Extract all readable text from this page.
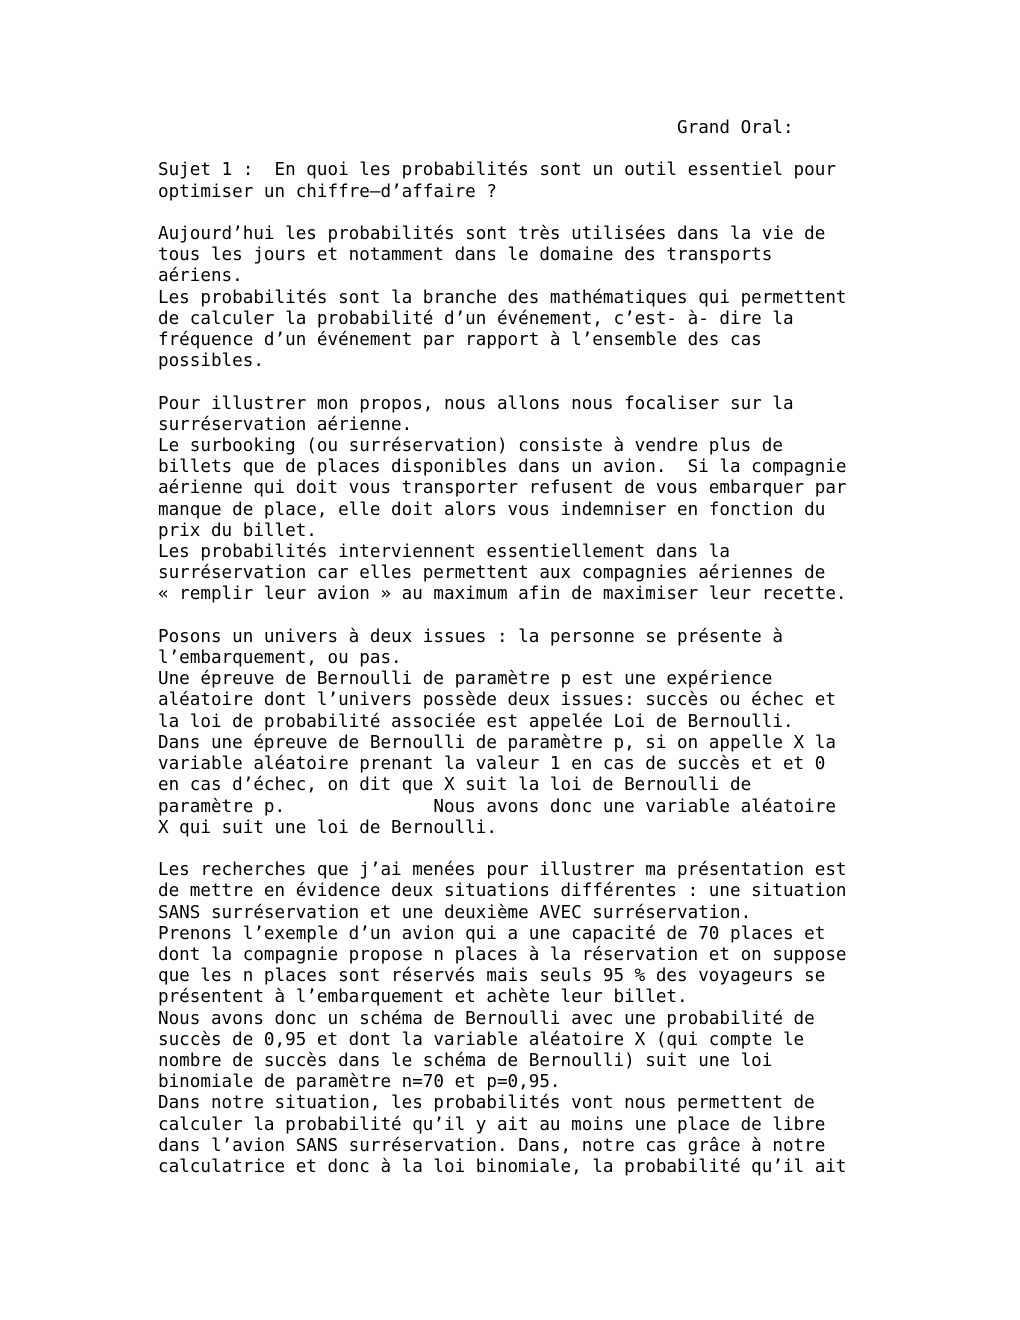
Grand Oral:

Sujet 1 :  En quoi les probabilités sont un outil essentiel pour
optimiser un chiffre—d’affaire ?

Aujourd’hui les probabilités sont très utilisées dans la vie de
tous les jours et notamment dans le domaine des transports
aériens.
Les probabilités sont la branche des mathématiques qui permettent
de calculer la probabilité d’un événement, c’est- à- dire la
fréquence d’un événement par rapport à l’ensemble des cas
possibles.

Pour illustrer mon propos, nous allons nous focaliser sur la
surréservation aérienne.
Le surbooking (ou surréservation) consiste à vendre plus de
billets que de places disponibles dans un avion.  Si la compagnie
aérienne qui doit vous transporter refusent de vous embarquer par
manque de place, elle doit alors vous indemniser en fonction du
prix du billet.
Les probabilités interviennent essentiellement dans la
surréservation car elles permettent aux compagnies aériennes de
« remplir leur avion » au maximum afin de maximiser leur recette.

Posons un univers à deux issues : la personne se présente à
l’embarquement, ou pas.
Une épreuve de Bernoulli de paramètre p est une expérience
aléatoire dont l’univers possède deux issues: succès ou échec et
la loi de probabilité associée est appelée Loi de Bernoulli.
Dans une épreuve de Bernoulli de paramètre p, si on appelle X la
variable aléatoire prenant la valeur 1 en cas de succès et et 0
en cas d’échec, on dit que X suit la loi de Bernoulli de
paramètre p.              Nous avons donc une variable aléatoire
X qui suit une loi de Bernoulli.

Les recherches que j’ai menées pour illustrer ma présentation est
de mettre en évidence deux situations différentes : une situation
SANS surréservation et une deuxième AVEC surréservation.
Prenons l’exemple d’un avion qui a une capacité de 70 places et
dont la compagnie propose n places à la réservation et on suppose
que les n places sont réservés mais seuls 95 % des voyageurs se
présentent à l’embarquement et achète leur billet.
Nous avons donc un schéma de Bernoulli avec une probabilité de
succès de 0,95 et dont la variable aléatoire X (qui compte le
nombre de succès dans le schéma de Bernoulli) suit une loi
binomiale de paramètre n=70 et p=0,95.
Dans notre situation, les probabilités vont nous permettent de
calculer la probabilité qu’il y ait au moins une place de libre
dans l’avion SANS surréservation. Dans, notre cas grâce à notre
calculatrice et donc à la loi binomiale, la probabilité qu’il ait
